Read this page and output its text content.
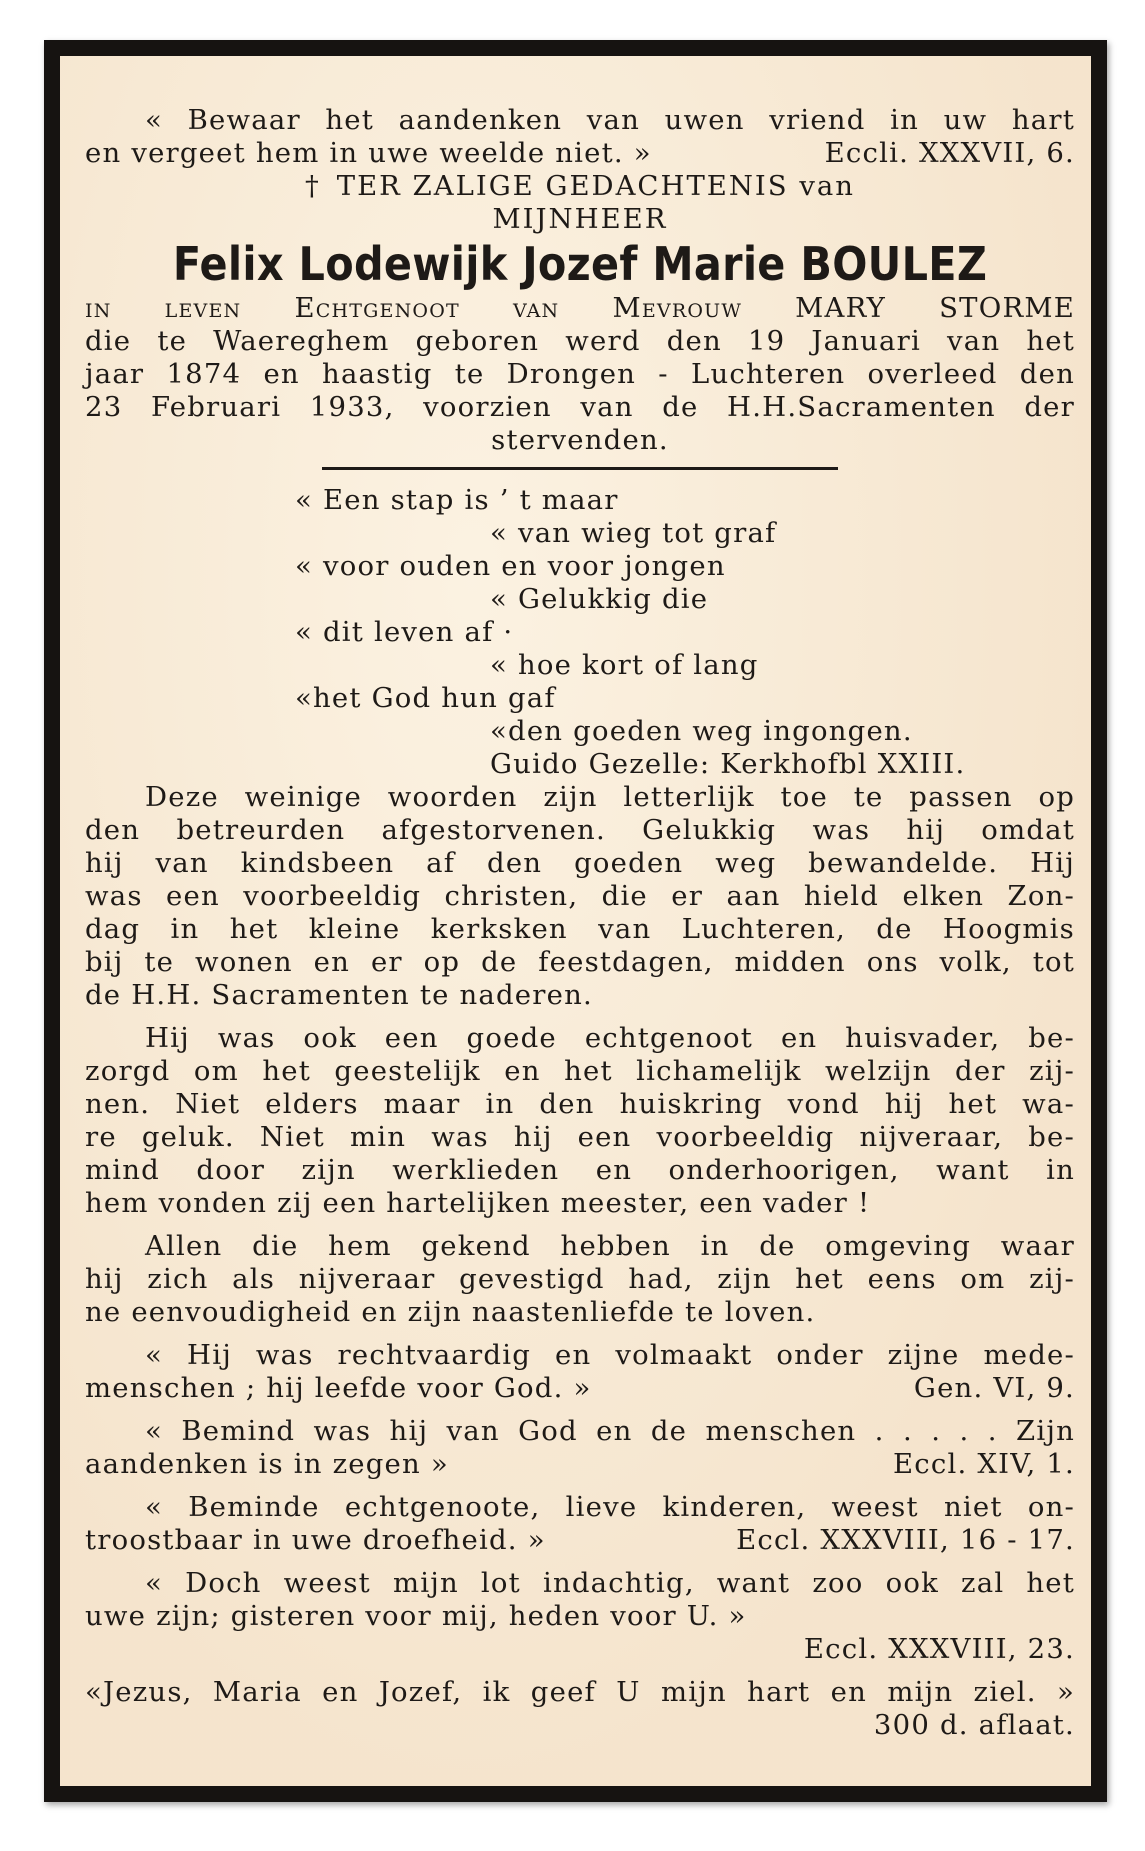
« Bewaar het aandenken van uwen vriend in uw hart

en vergeet hem in uwe weelde niet. »	Eccli. XXXVII, 6.

† TER ZALIGE GEDACHTENIS van

MIJNHEER

Felix Lodewijk Jozef Marie BOULEZ

in leven Echtgenoot van Mevrouw MARY STORME

die te Waereghem geboren werd den 19 Januari van het

jaar 1874 en haastig te Drongen - Luchteren overleed den

23 Februari 1933, voorzien van de H.H.Sacramenten der

stervenden.

« Een stap is ’ t maar

« van wieg tot graf

« voor ouden en voor jongen

« Gelukkig die

« dit leven af ·

« hoe kort of lang

«het God hun gaf

«den goeden weg ingongen.

Guido Gezelle: Kerkhofbl XXIII.

Deze weinige woorden zijn letterlijk toe te passen op

den betreurden afgestorvenen. Gelukkig was hij omdat

hij van kindsbeen af den goeden weg bewandelde. Hij

was een voorbeeldig christen, die er aan hield elken Zon-

dag in het kleine kerksken van Luchteren, de Hoogmis

bij te wonen en er op de feestdagen, midden ons volk, tot

de H.H. Sacramenten te naderen.

Hij was ook een goede echtgenoot en huisvader, be-

zorgd om het geestelijk en het lichamelijk welzijn der zij-

nen. Niet elders maar in den huiskring vond hij het wa-

re geluk. Niet min was hij een voorbeeldig nijveraar, be-

mind door zijn werklieden en onderhoorigen, want in

hem vonden zij een hartelijken meester, een vader !

Allen die hem gekend hebben in de omgeving waar

hij zich als nijveraar gevestigd had, zijn het eens om zij-

ne eenvoudigheid en zijn naastenliefde te loven.

« Hij was rechtvaardig en volmaakt onder zijne mede-

menschen ; hij leefde voor God. »	Gen. VI, 9.

« Bemind was hij van God en de menschen . . . . . Zijn

aandenken is in zegen »	Eccl. XIV, 1.

« Beminde echtgenoote, lieve kinderen, weest niet on-

troostbaar in uwe droefheid. »	Eccl. XXXVIII, 16 - 17.

« Doch weest mijn lot indachtig, want zoo ook zal het

uwe zijn; gisteren voor mij, heden voor U. »

Eccl. XXXVIII, 23.

«Jezus, Maria en Jozef, ik geef U mijn hart en mijn ziel. »

300 d. aflaat.
